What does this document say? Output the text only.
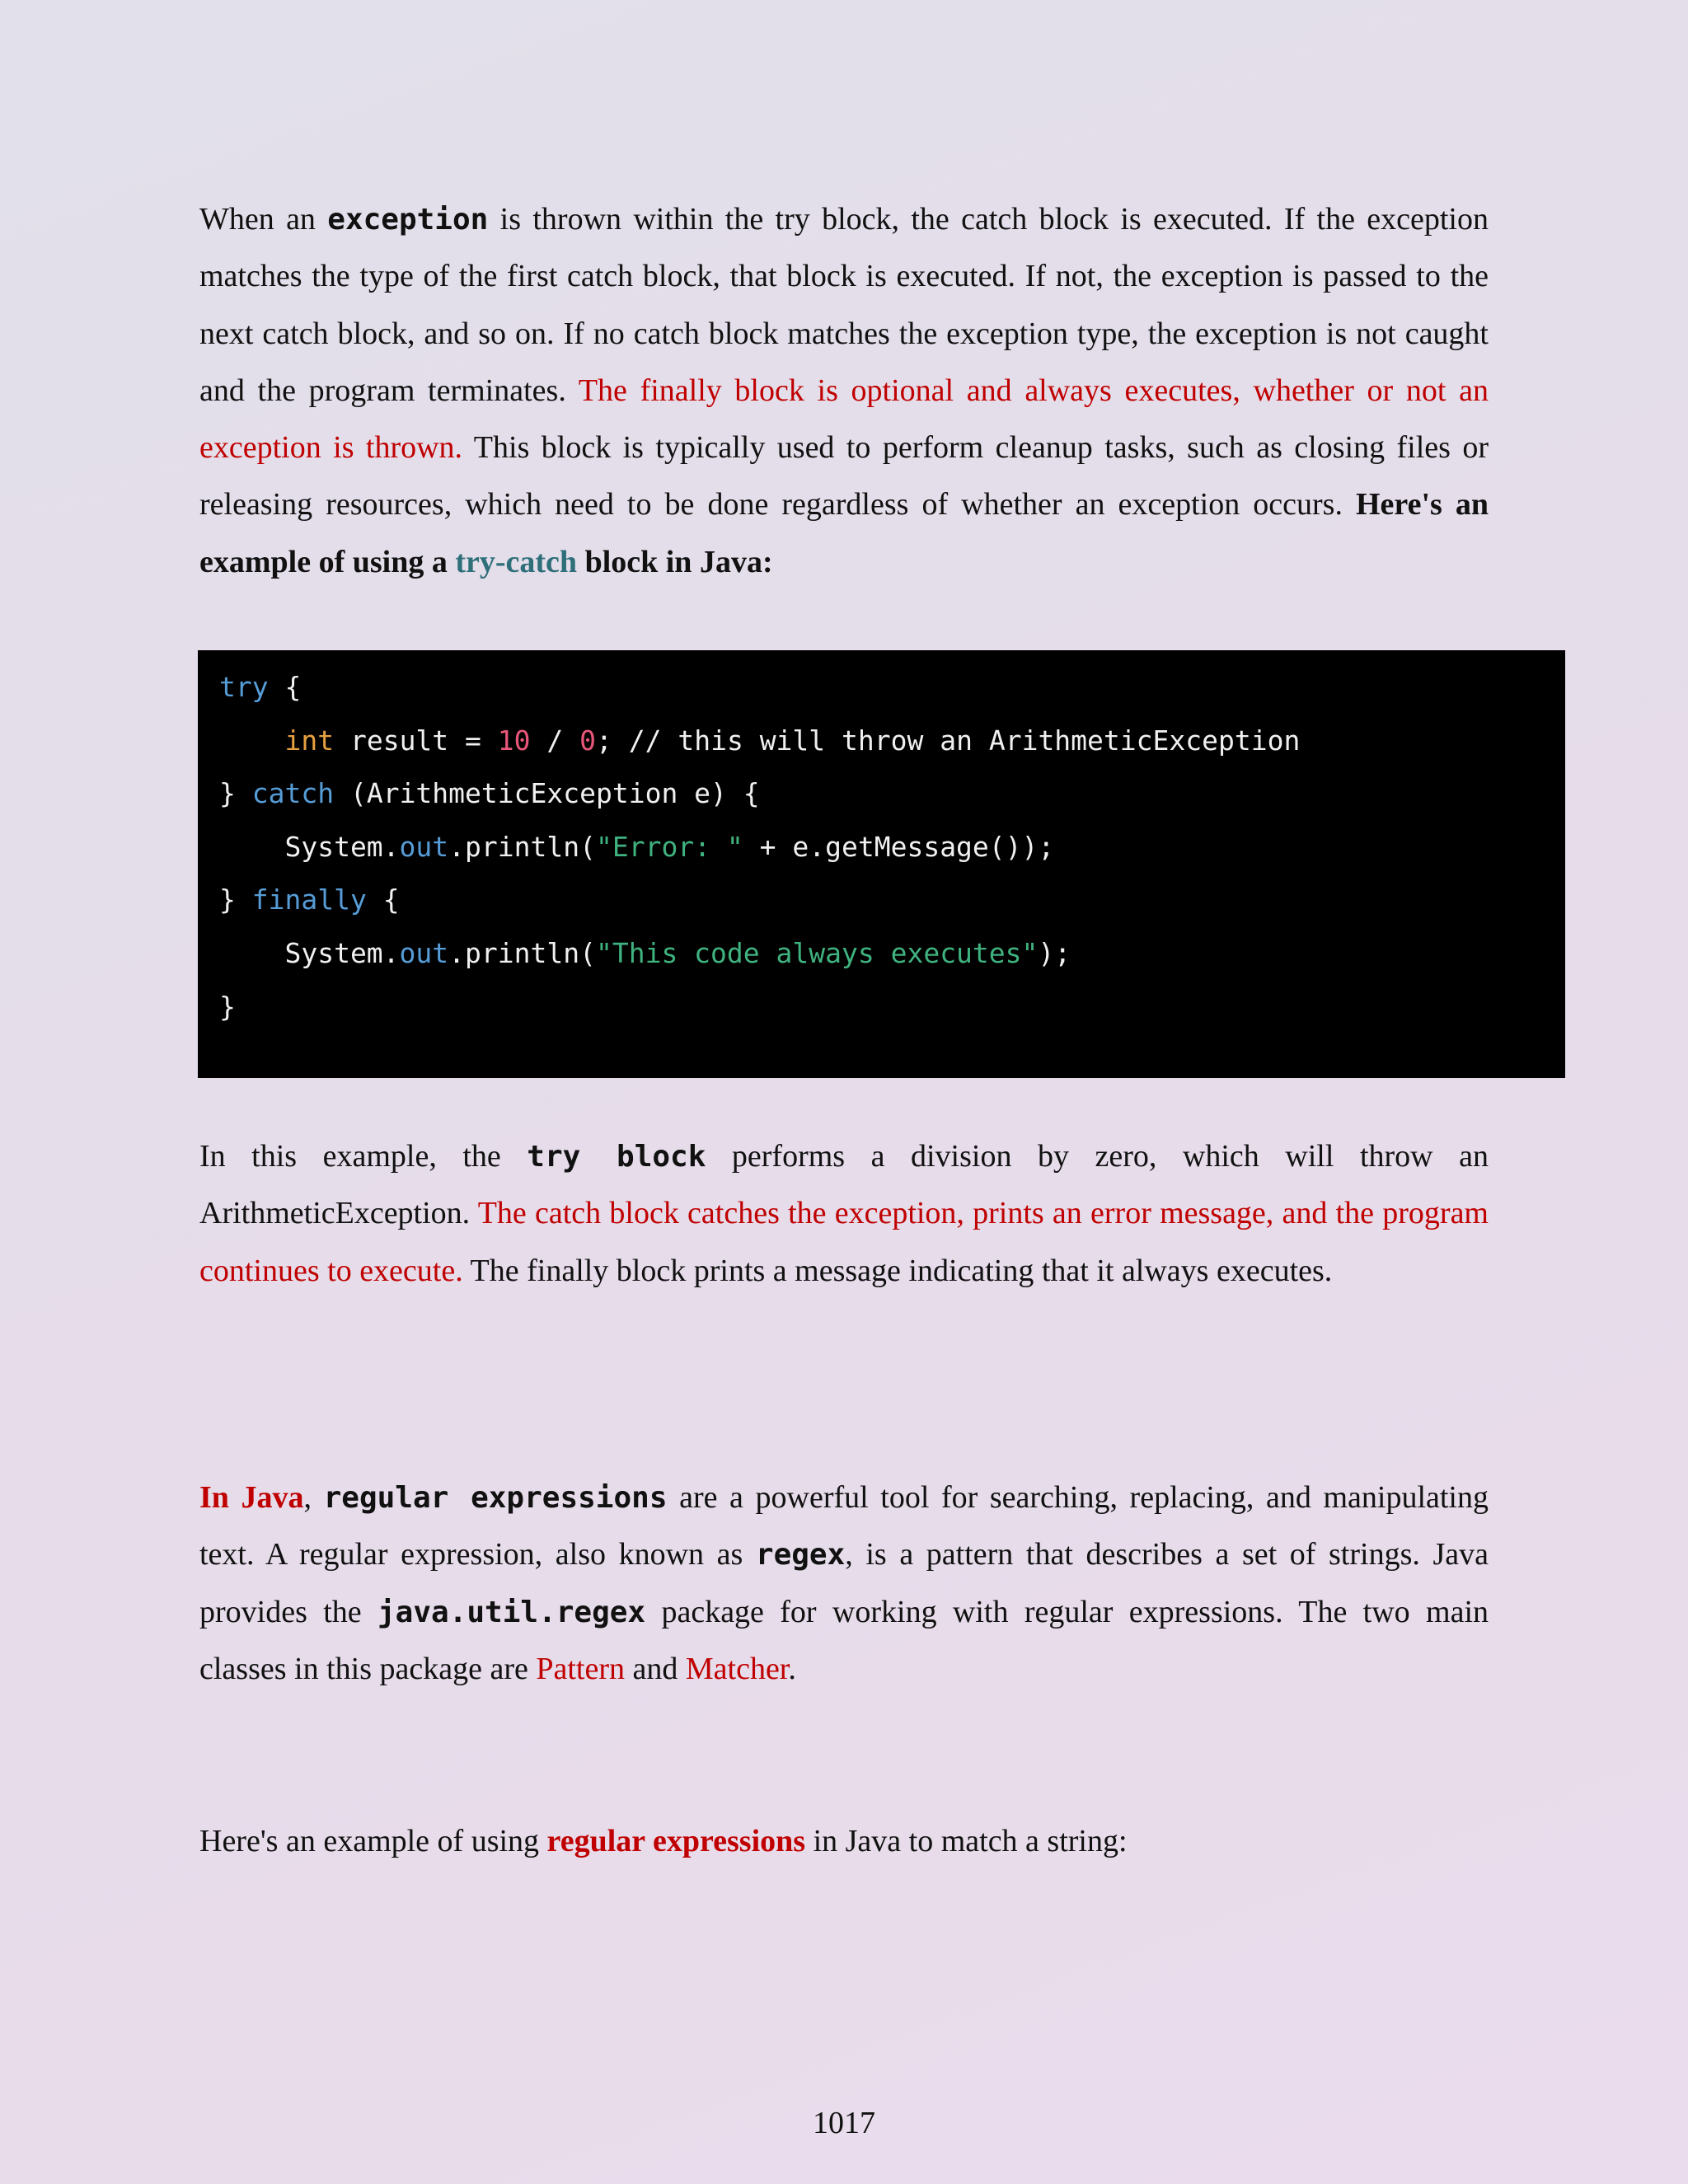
When an exception is thrown within the try block, the catch block is executed. If the exception matches the type of the first catch block, that block is executed. If not, the exception is passed to the next catch block, and so on. If no catch block matches the exception type, the exception is not caught and the program terminates. The finally block is optional and always executes, whether or not an exception is thrown. This block is typically used to perform cleanup tasks, such as closing files or releasing resources, which need to be done regardless of whether an exception occurs. Here's an example of using a try-catch block in Java:

try {
int result = 10 / 0; // this will throw an ArithmeticException
} catch (ArithmeticException e) {
System.out.println("Error: " + e.getMessage());
} finally {
System.out.println("This code always executes");
}

In this example, the try block performs a division by zero, which will throw an ArithmeticException. The catch block catches the exception, prints an error message, and the program continues to execute. The finally block prints a message indicating that it always executes.

In Java, regular expressions are a powerful tool for searching, replacing, and manipulating text. A regular expression, also known as regex, is a pattern that describes a set of strings. Java provides the java.util.regex package for working with regular expressions. The two main classes in this package are Pattern and Matcher.

Here's an example of using regular expressions in Java to match a string:

1017
